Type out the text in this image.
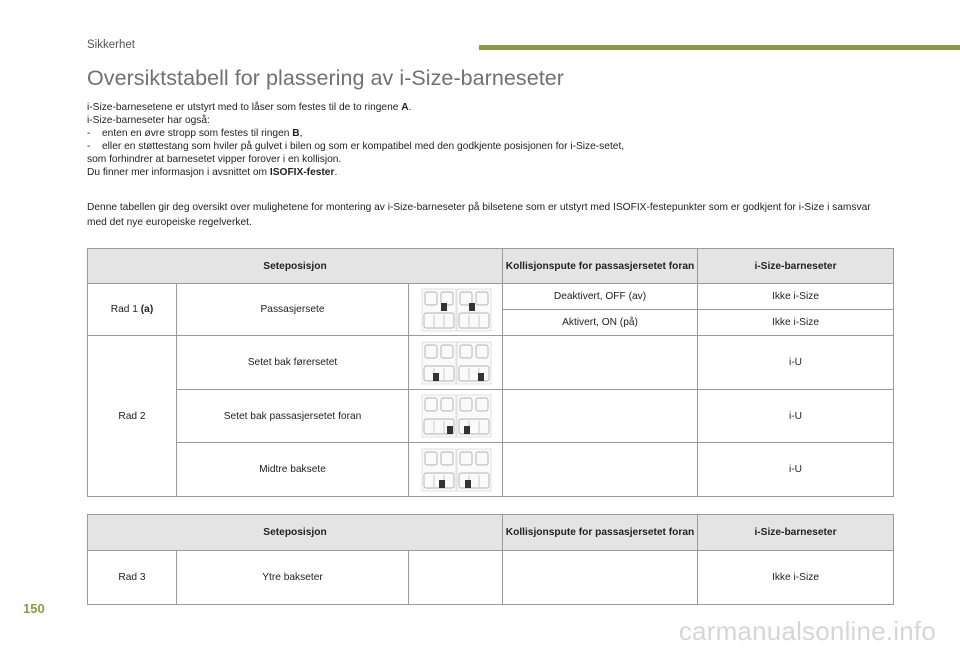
Sikkerhet
Oversiktstabell for plassering av i-Size-barneseter

i-Size-barnesetene er utstyrt med to låser som festes til de to ringene A.

i-Size-barneseter har også:

- enten en øvre stropp som festes til ringen B,

- eller en støttestang som hviler på gulvet i bilen og som er kompatibel med den godkjente posisjonen for i-Size-setet,

som forhindrer at barnesetet vipper forover i en kollisjon.

Du finner mer informasjon i avsnittet om ISOFIX-fester.

Denne tabellen gir deg oversikt over mulighetene for montering av i-Size-barneseter på bilsetene som er utstyrt med ISOFIX-festepunkter som er godkjent for i-Size i samsvar med det nye europeiske regelverket.

Seteposisjon			Kollisjonspute for passasjersetet foran	i-Size-barneseter
Rad 1 (a)	Passasjersete		Deaktivert, OFF (av)	Ikke i-Size
			Aktivert, ON (på)	Ikke i-Size
Rad 2	Setet bak førersetet			i-U
	Setet bak passasjersetet foran			i-U
	Midtre baksete			i-U
Seteposisjon			Kollisjonspute for passasjersetet foran	i-Size-barneseter
Rad 3	Ytre bakseter			Ikke i-Size
150
carmanualsonline.info
